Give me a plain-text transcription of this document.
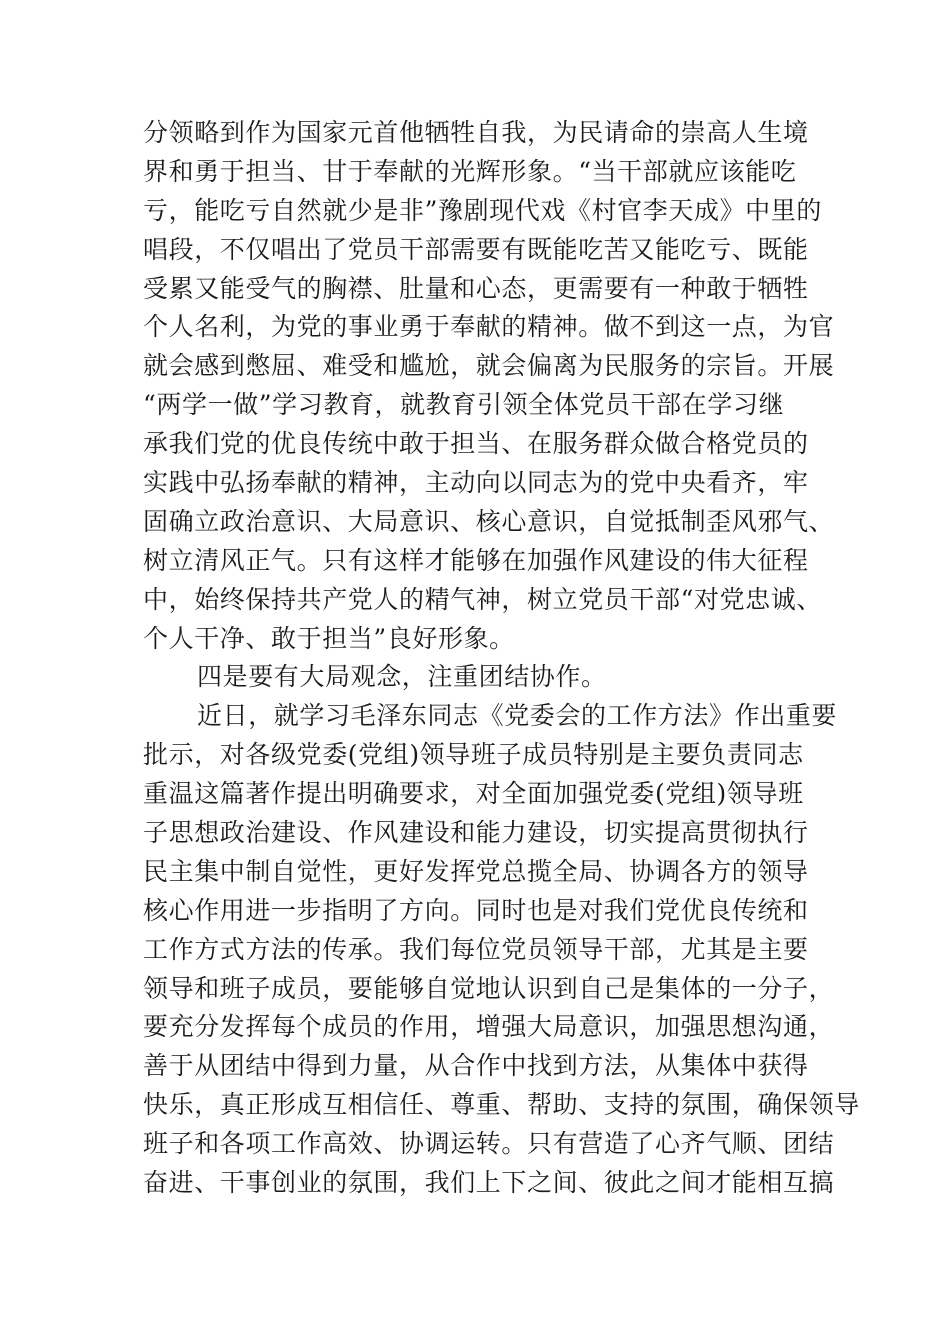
分领略到作为国家元首他牺牲自我，为民请命的崇高人生境
界和勇于担当、甘于奉献的光辉形象。“当干部就应该能吃
亏，能吃亏自然就少是非”豫剧现代戏《村官李天成》中里的
唱段，不仅唱出了党员干部需要有既能吃苦又能吃亏、既能
受累又能受气的胸襟、肚量和心态，更需要有一种敢于牺牲
个人名利，为党的事业勇于奉献的精神。做不到这一点，为官
就会感到憋屈、难受和尴尬，就会偏离为民服务的宗旨。开展
“两学一做”学习教育，就教育引领全体党员干部在学习继
承我们党的优良传统中敢于担当、在服务群众做合格党员的
实践中弘扬奉献的精神，主动向以同志为的党中央看齐，牢
固确立政治意识、大局意识、核心意识，自觉抵制歪风邪气、
树立清风正气。只有这样才能够在加强作风建设的伟大征程
中，始终保持共产党人的精气神，树立党员干部“对党忠诚、
个人干净、敢于担当”良好形象。
四是要有大局观念，注重团结协作。
近日，就学习毛泽东同志《党委会的工作方法》作出重要
批示，对各级党委(党组)领导班子成员特别是主要负责同志
重温这篇著作提出明确要求，对全面加强党委(党组)领导班
子思想政治建设、作风建设和能力建设，切实提高贯彻执行
民主集中制自觉性，更好发挥党总揽全局、协调各方的领导
核心作用进一步指明了方向。同时也是对我们党优良传统和
工作方式方法的传承。我们每位党员领导干部，尤其是主要
领导和班子成员，要能够自觉地认识到自己是集体的一分子，
要充分发挥每个成员的作用，增强大局意识，加强思想沟通，
善于从团结中得到力量，从合作中找到方法，从集体中获得
快乐，真正形成互相信任、尊重、帮助、支持的氛围，确保领导
班子和各项工作高效、协调运转。只有营造了心齐气顺、团结
奋进、干事创业的氛围，我们上下之间、彼此之间才能相互搞
